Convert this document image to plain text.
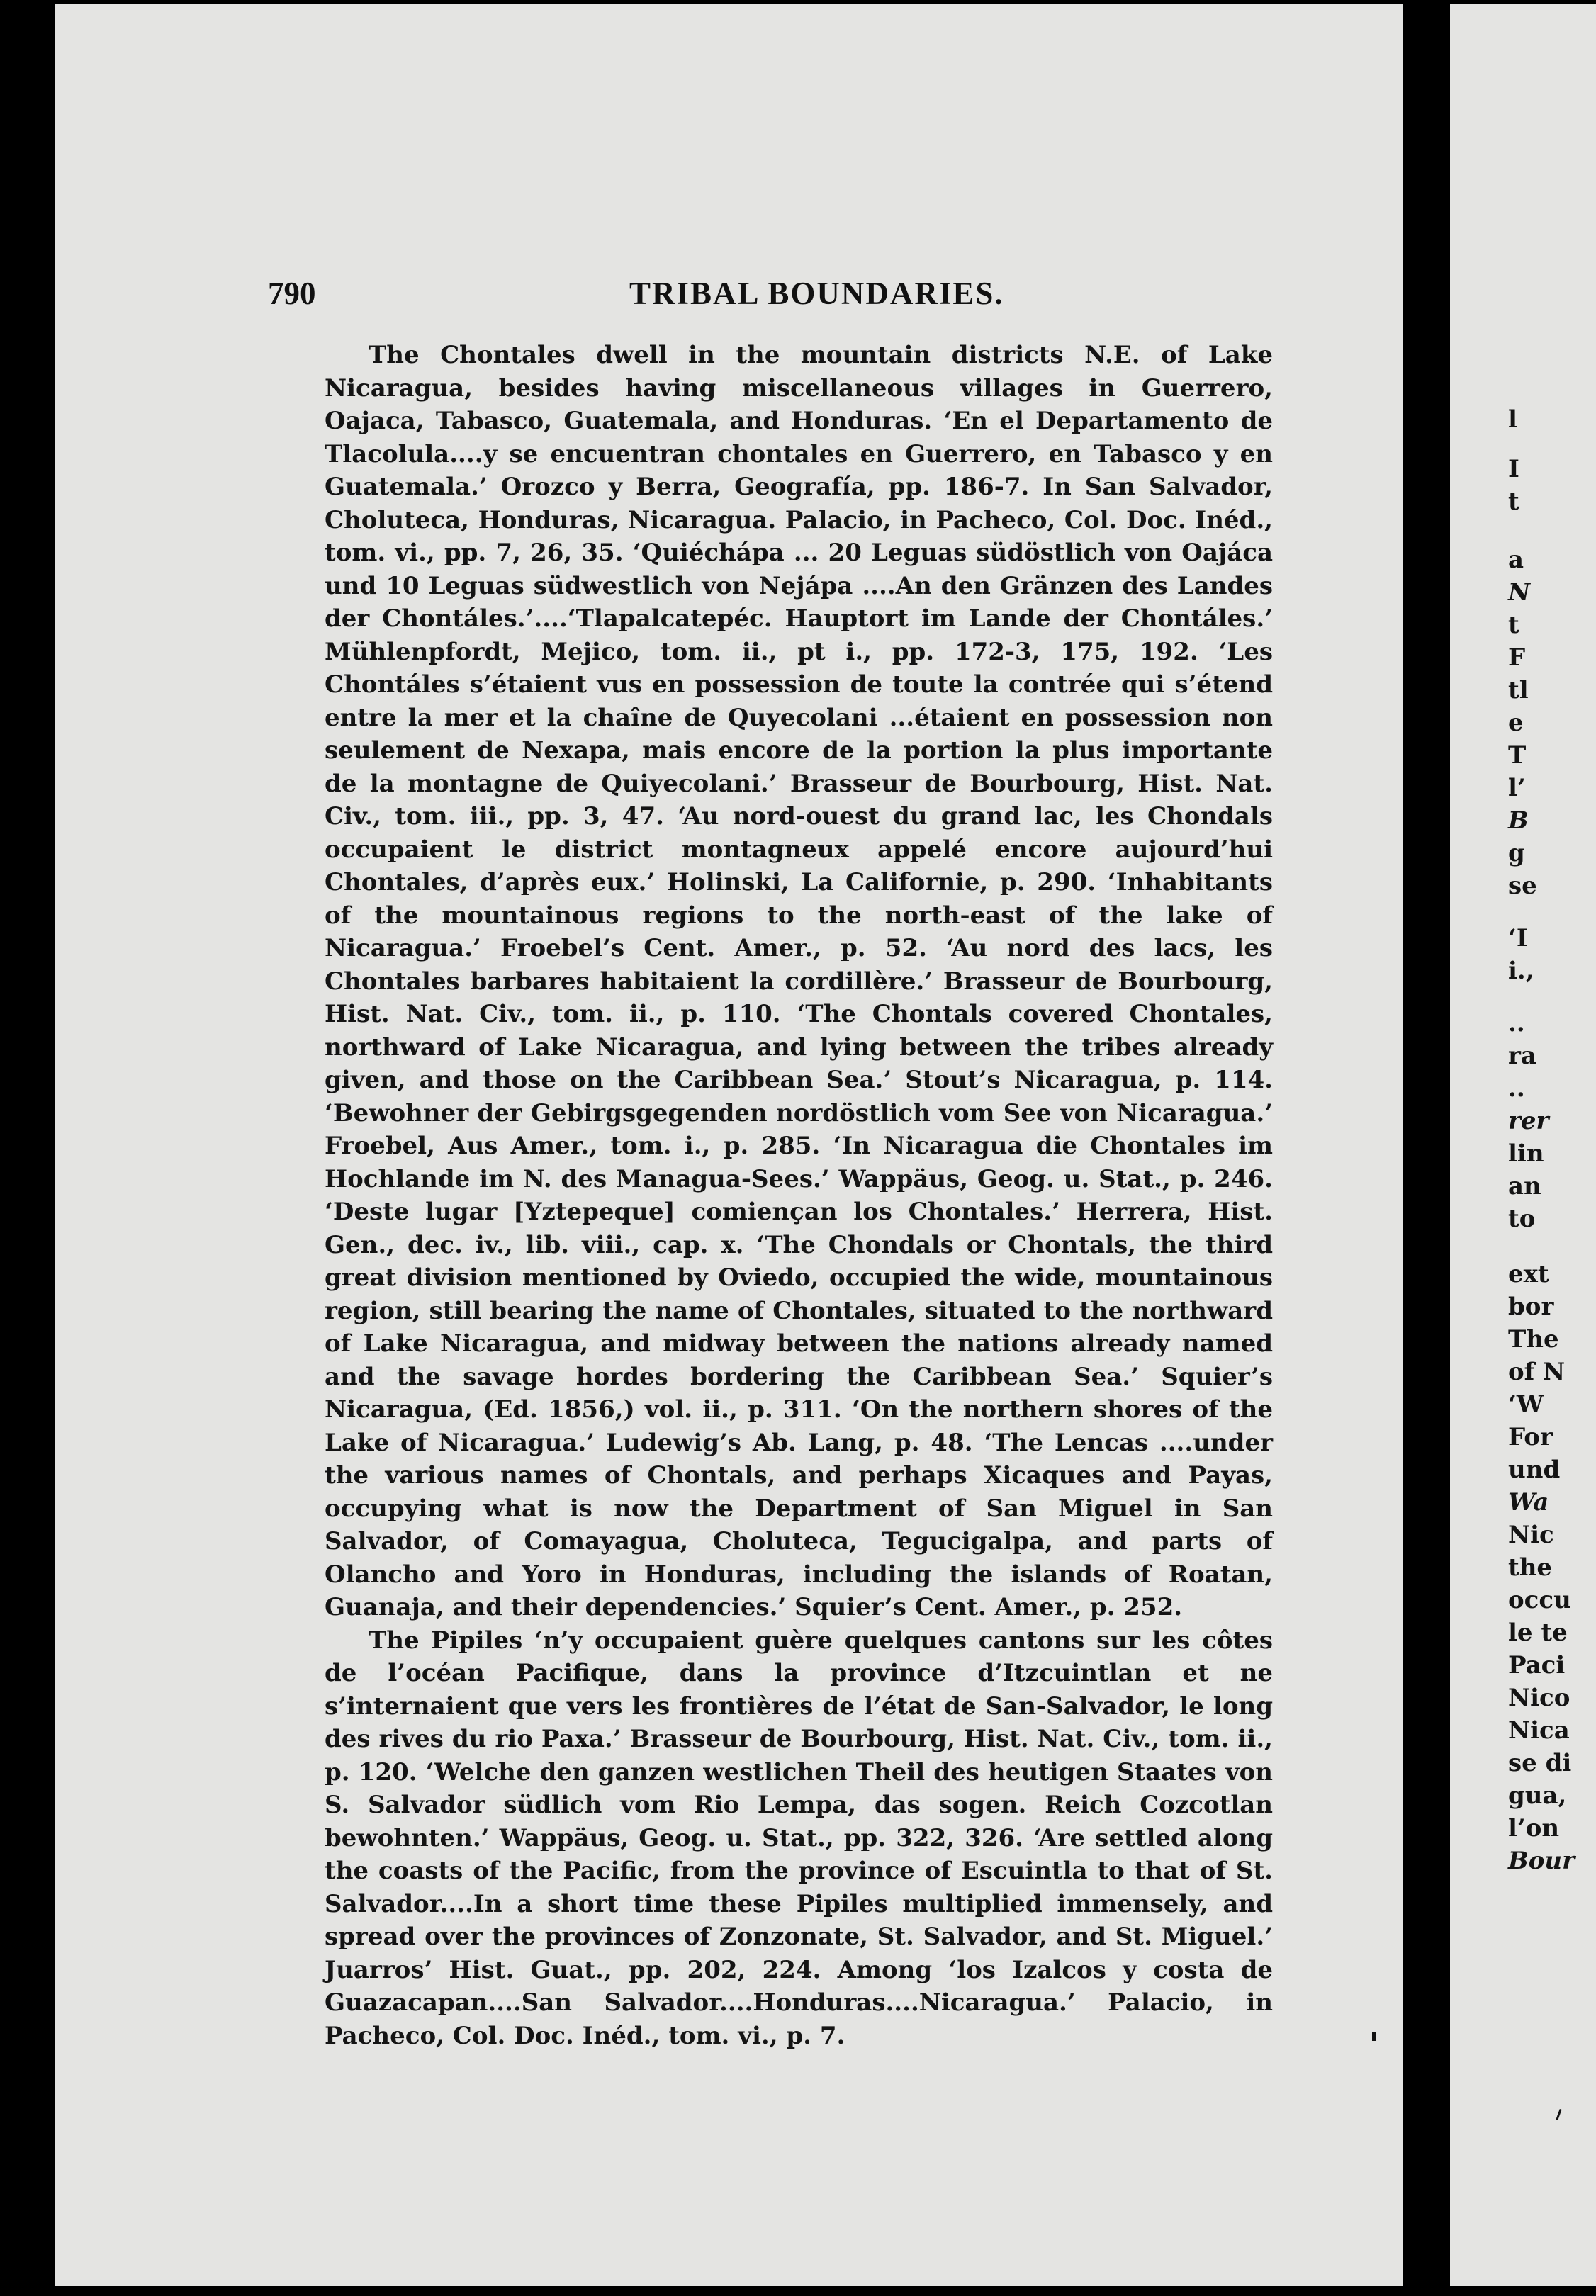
790	TRIBAL BOUNDARIES.

The Chontales dwell in the mountain districts N.E. of Lake Nicaragua, besides having miscellaneous villages in Guerrero, Oajaca, Tabasco, Guatemala, and Honduras. ‘En el Departamento de Tlacolula....y se encuentran chontales en Guerrero, en Tabasco y en Guatemala.’ Orozco y Berra, Geografía, pp. 186-7. In San Salvador, Choluteca, Honduras, Nicaragua. Palacio, in Pacheco, Col. Doc. Inéd., tom. vi., pp. 7, 26, 35. ‘Quiéchápa ... 20 Leguas südöstlich von Oajáca und 10 Leguas südwestlich von Nejápa ....An den Gränzen des Landes der Chontáles.’....‘Tlapalcatepéc. Hauptort im Lande der Chontáles.’ Mühlenpfordt, Mejico, tom. ii., pt i., pp. 172-3, 175, 192. ‘Les Chontáles s’étaient vus en possession de toute la contrée qui s’étend entre la mer et la chaîne de Quyecolani ...étaient en possession non seulement de Nexapa, mais encore de la portion la plus importante de la montagne de Quiyecolani.’ Brasseur de Bourbourg, Hist. Nat. Civ., tom. iii., pp. 3, 47. ‘Au nord-ouest du grand lac, les Chondals occupaient le district montagneux appelé encore aujourd’hui Chontales, d’après eux.’ Holinski, La Californie, p. 290. ‘Inhabitants of the mountainous regions to the north-east of the lake of Nicaragua.’ Froebel’s Cent. Amer., p. 52. ‘Au nord des lacs, les Chontales barbares habitaient la cordillère.’ Brasseur de Bourbourg, Hist. Nat. Civ., tom. ii., p. 110. ‘The Chontals covered Chontales, northward of Lake Nicaragua, and lying between the tribes already given, and those on the Caribbean Sea.’ Stout’s Nicaragua, p. 114. ‘Bewohner der Gebirgsgegenden nordöstlich vom See von Nicaragua.’ Froebel, Aus Amer., tom. i., p. 285. ‘In Nicaragua die Chontales im Hochlande im N. des Managua-Sees.’ Wappäus, Geog. u. Stat., p. 246. ‘Deste lugar [Yztepeque] comiençan los Chontales.’ Herrera, Hist. Gen., dec. iv., lib. viii., cap. x. ‘The Chondals or Chontals, the third great division mentioned by Oviedo, occupied the wide, mountainous region, still bearing the name of Chontales, situated to the northward of Lake Nicaragua, and midway between the nations already named and the savage hordes bordering the Caribbean Sea.’ Squier’s Nicaragua, (Ed. 1856,) vol. ii., p. 311. ‘On the northern shores of the Lake of Nicaragua.’ Ludewig’s Ab. Lang, p. 48. ‘The Lencas ....under the various names of Chontals, and perhaps Xicaques and Payas, occupying what is now the Department of San Miguel in San Salvador, of Comayagua, Choluteca, Tegucigalpa, and parts of Olancho and Yoro in Honduras, including the islands of Roatan, Guanaja, and their dependencies.’ Squier’s Cent. Amer., p. 252.

The Pipiles ‘n’y occupaient guère quelques cantons sur les côtes de l’océan Pacifique, dans la province d’Itzcuintlan et ne s’internaient que vers les frontières de l’état de San-Salvador, le long des rives du rio Paxa.’ Brasseur de Bourbourg, Hist. Nat. Civ., tom. ii., p. 120. ‘Welche den ganzen westlichen Theil des heutigen Staates von S. Salvador südlich vom Rio Lempa, das sogen. Reich Cozcotlan bewohnten.’ Wappäus, Geog. u. Stat., pp. 322, 326. ‘Are settled along the coasts of the Pacific, from the province of Escuintla to that of St. Salvador....In a short time these Pipiles multiplied immensely, and spread over the provinces of Zonzonate, St. Salvador, and St. Miguel.’ Juarros’ Hist. Guat., pp. 202, 224. Among ‘los Izalcos y costa de Guazacapan....San Salvador....Honduras....Nicaragua.’ Palacio, in Pacheco, Col. Doc. Inéd., tom. vi., p. 7.

l
I
t
a
N
t
F
tl
e
T
l’
B
g
se
‘I
i.,
..
ra
..
rer
lin
an
to
ext
bor
The
of N
‘W
For
und
Wa
Nic
the
occu
le te
Paci
Nico
Nica
se di
gua,
l’on
Bour
